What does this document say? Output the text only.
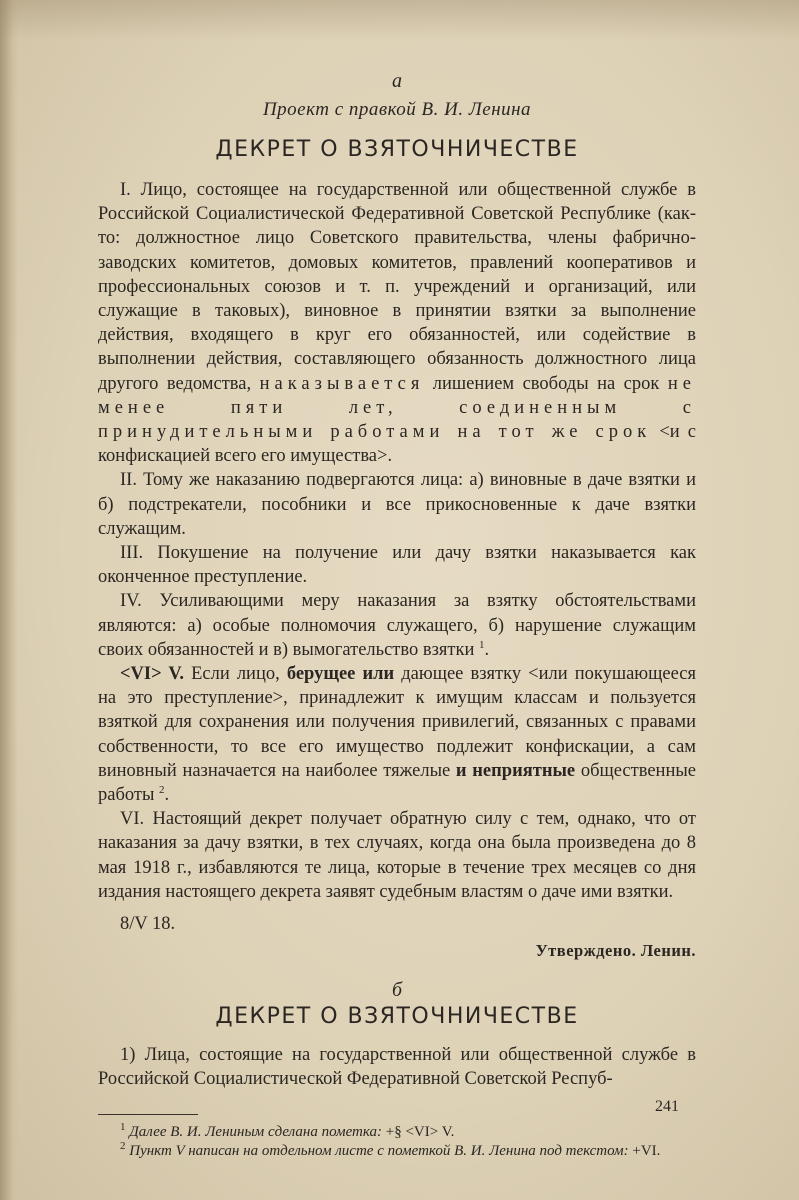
а
Проект с правкой В. И. Ленина
ДЕКРЕТ О ВЗЯТОЧНИЧЕСТВЕ

I. Лицо, состоящее на государственной или общественной службе в Российской Социалистической Федеративной Советской Республике (как-то: должностное лицо Советского правительства, члены фабрично-заводских комитетов, домовых комитетов, правлений кооперативов и профессиональных союзов и т. п. учреждений и организаций, или служащие в таковых), виновное в принятии взятки за выполнение действия, входящего в круг его обязанностей, или содействие в выполнении действия, составляющего обязанность должностного лица другого ведомства, наказывается лишением свободы на срок не менее пяти лет, соединенным с принудительными работами на тот же срок <и с конфискацией всего его имущества>.

II. Тому же наказанию подвергаются лица: а) виновные в даче взятки и б) подстрекатели, пособники и все прикосновенные к даче взятки служащим.

III. Покушение на получение или дачу взятки наказывается как оконченное преступление.

IV. Усиливающими меру наказания за взятку обстоятельствами являются: а) особые полномочия служащего, б) нарушение служащим своих обязанностей и в) вымогательство взятки $^1$.

<VI> V. Если лицо, берущее или дающее взятку <или покушающееся на это преступление>, принадлежит к имущим классам и пользуется взяткой для сохранения или получения привилегий, связанных с правами собственности, то все его имущество подлежит конфискации, а сам виновный назначается на наиболее тяжелые и неприятные общественные работы $^2$.

VI. Настоящий декрет получает обратную силу с тем, однако, что от наказания за дачу взятки, в тех случаях, когда она была произведена до 8 мая 1918 г., избавляются те лица, которые в течение трех месяцев со дня издания настоящего декрета заявят судебным властям о даче ими взятки.

8/V 18.
Утверждено. Ленин.
б
ДЕКРЕТ О ВЗЯТОЧНИЧЕСТВЕ

1) Лица, состоящие на государственной или общественной службе в Российской Социалистической Федеративной Советской Респуб-

$^1$ Далее В. И. Лениным сделана пометка: +§ <VI> V.

$^2$ Пункт V написан на отдельном листе с пометкой В. И. Ленина под текстом: +VI.

241
